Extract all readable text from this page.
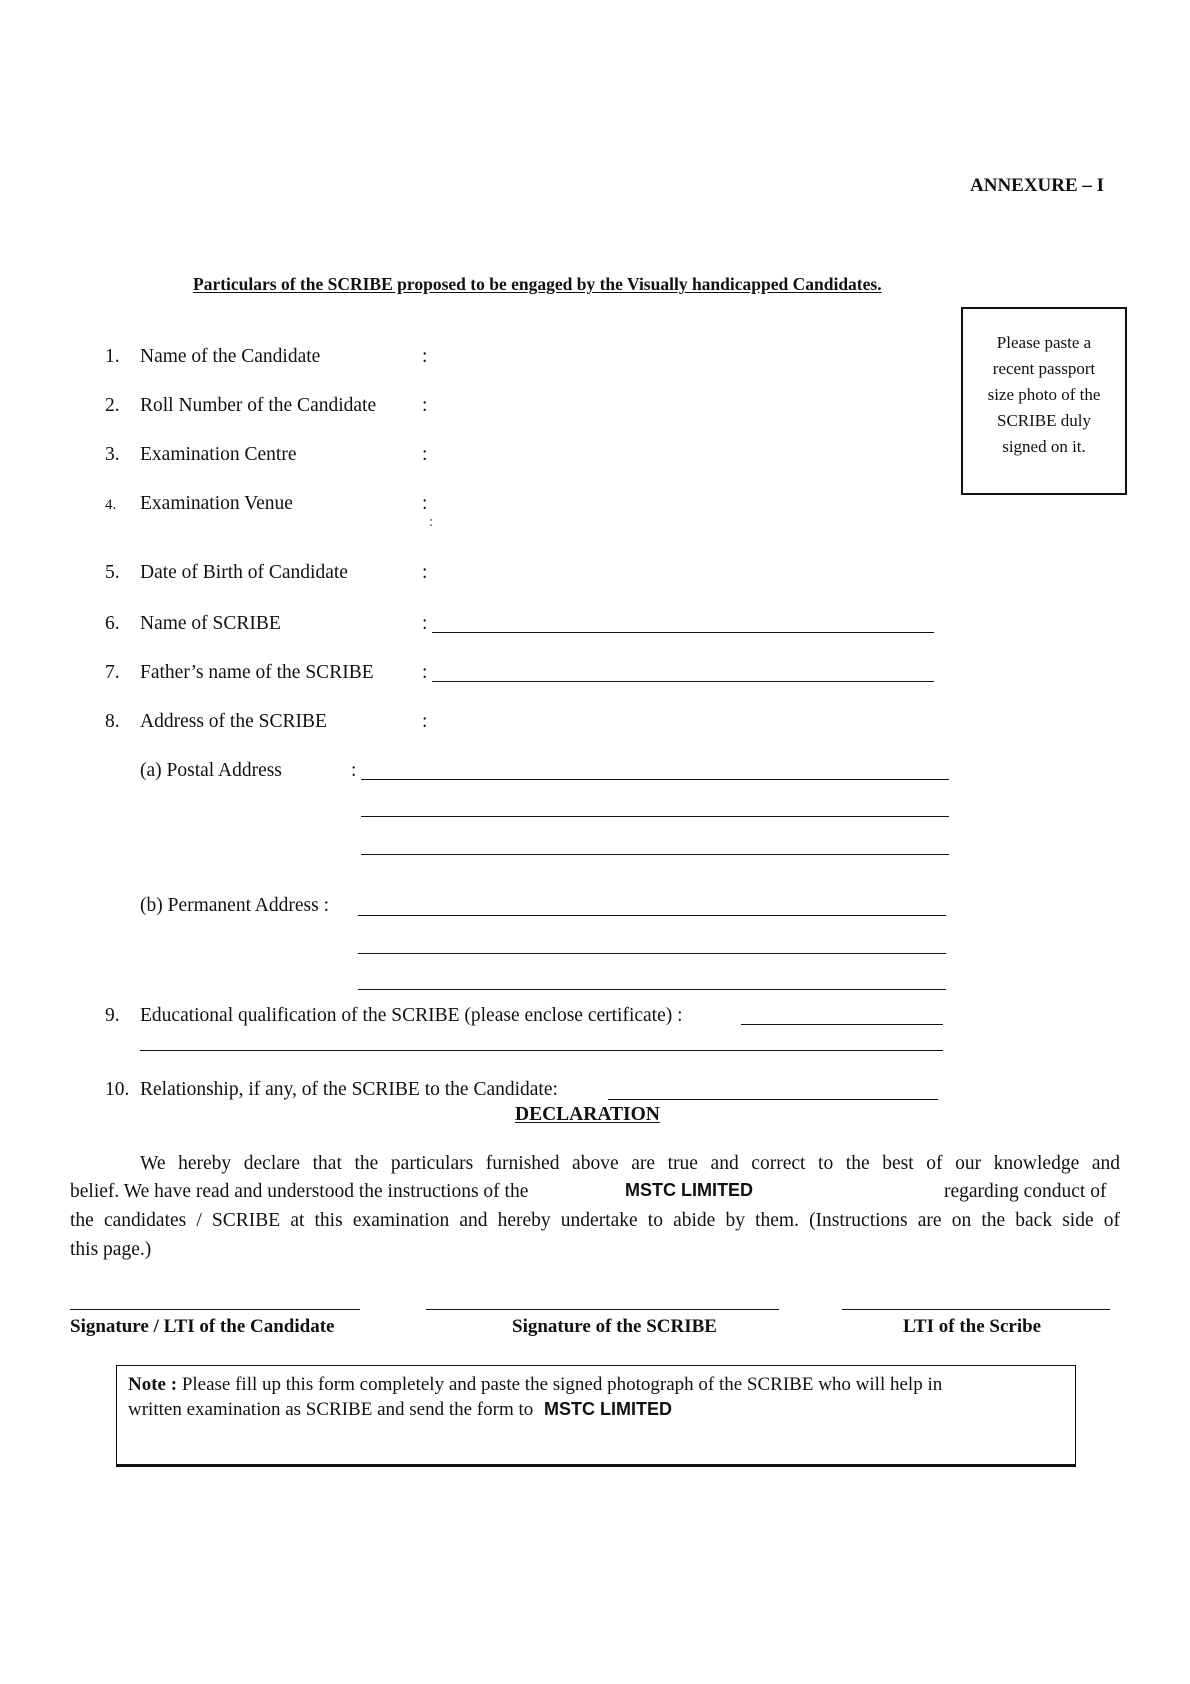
ANNEXURE – I
Particulars of the SCRIBE proposed to be engaged by the Visually handicapped Candidates.
Please paste a
recent passport
size photo of the
SCRIBE duly
signed on it.
1. Name of the Candidate	:
2. Roll Number of the Candidate :
3. Examination Centre	:
4. Examination Venue	:
:
5. Date of Birth of Candidate	:
6. Name of SCRIBE	:
7. Father’s name of the SCRIBE :
8. Address of the SCRIBE	:
(a) Postal Address	:
(b) Permanent Address :
9. Educational qualification of the SCRIBE (please enclose certificate) :
10. Relationship, if any, of the SCRIBE to the Candidate:
DECLARATION
We hereby declare that the particulars furnished above are true and correct to the best of our knowledge and
belief. We have read and understood the instructions of the	MSTC LIMITED	regarding conduct of
the candidates / SCRIBE at this examination and hereby undertake to abide by them. (Instructions are on the back side of
this page.)
Signature / LTI of the Candidate	Signature of the SCRIBE	LTI of the Scribe
Note : Please fill up this form completely and paste the signed photograph of the SCRIBE who will help in
written examination as SCRIBE and send the form to MSTC LIMITED
